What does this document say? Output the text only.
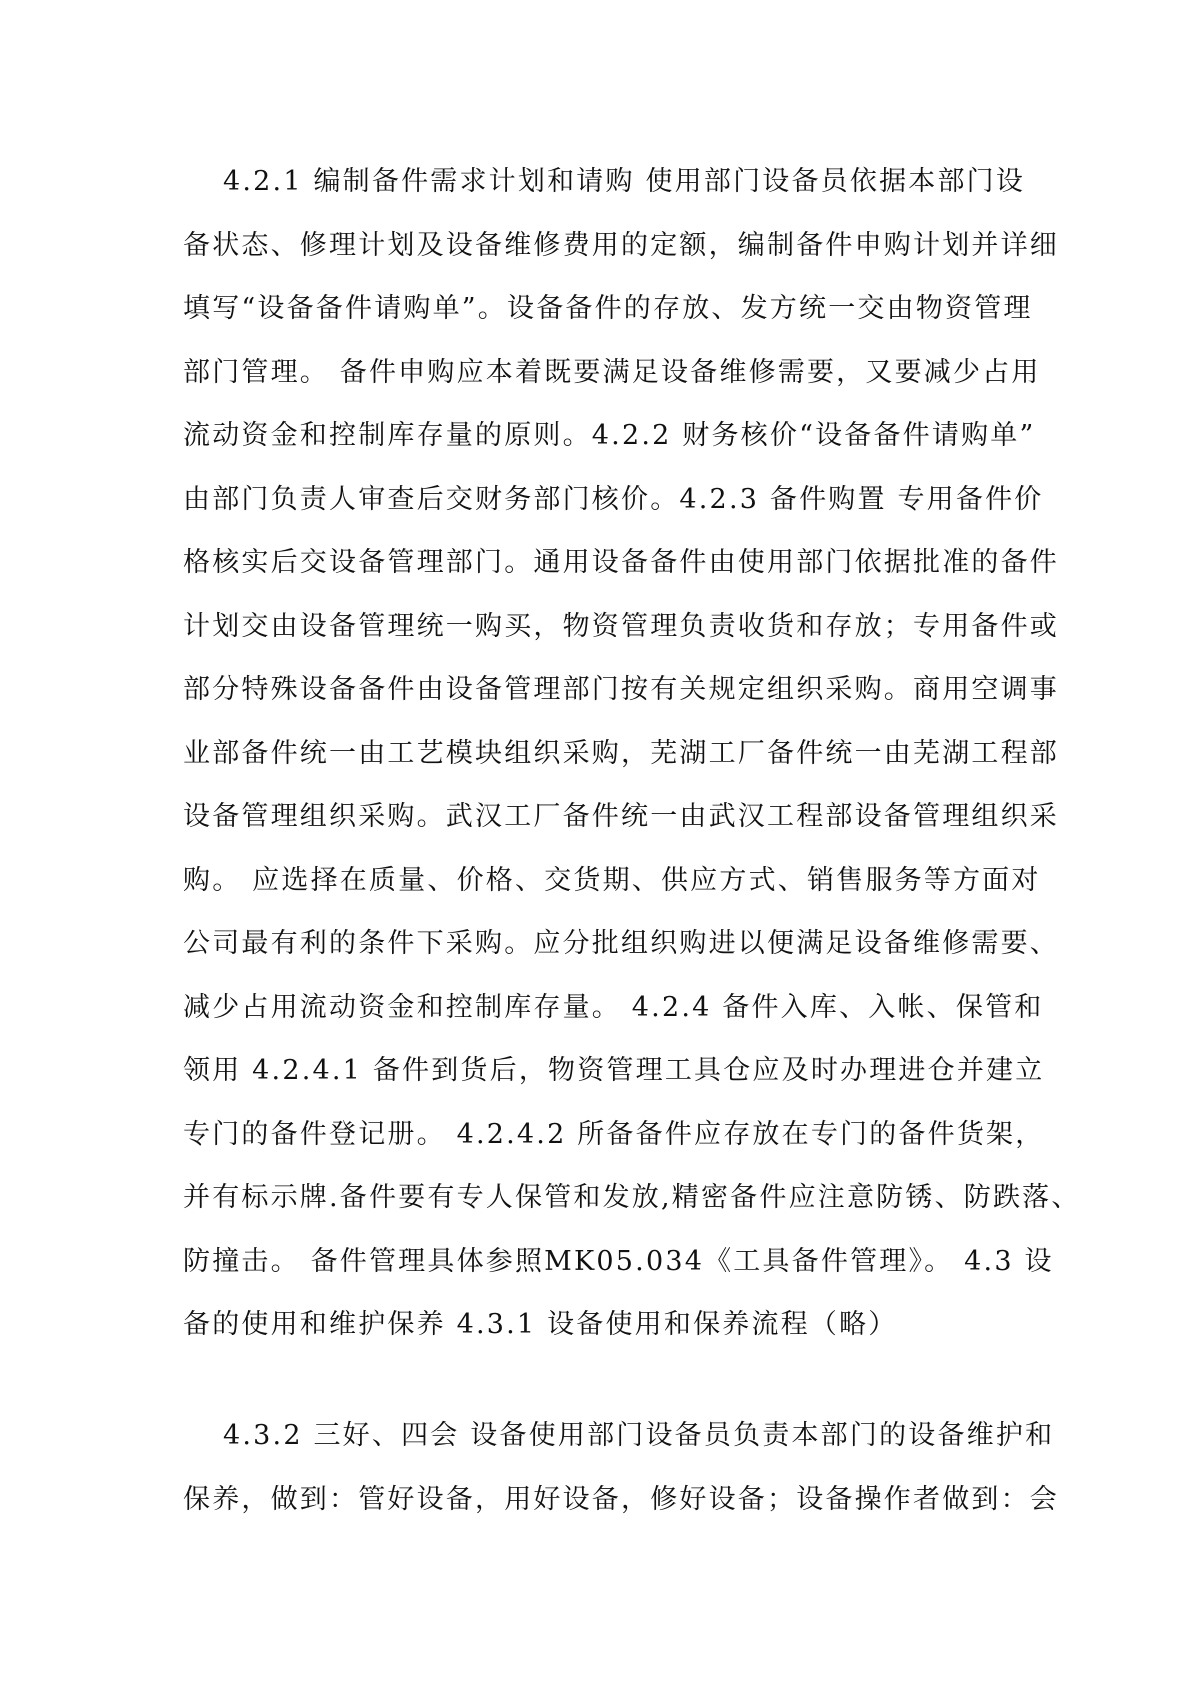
4.2.1 编制备件需求计划和请购 使用部门设备员依据本部门设
备状态、修理计划及设备维修费用的定额，编制备件申购计划并详细
填写“设备备件请购单”。设备备件的存放、发方统一交由物资管理
部门管理。 备件申购应本着既要满足设备维修需要，又要减少占用
流动资金和控制库存量的原则。4.2.2 财务核价“设备备件请购单”
由部门负责人审查后交财务部门核价。4.2.3 备件购置 专用备件价
格核实后交设备管理部门。通用设备备件由使用部门依据批准的备件
计划交由设备管理统一购买，物资管理负责收货和存放；专用备件或
部分特殊设备备件由设备管理部门按有关规定组织采购。商用空调事
业部备件统一由工艺模块组织采购，芜湖工厂备件统一由芜湖工程部
设备管理组织采购。武汉工厂备件统一由武汉工程部设备管理组织采
购。 应选择在质量、价格、交货期、供应方式、销售服务等方面对
公司最有利的条件下采购。应分批组织购进以便满足设备维修需要、
减少占用流动资金和控制库存量。 4.2.4 备件入库、入帐、保管和
领用 4.2.4.1 备件到货后，物资管理工具仓应及时办理进仓并建立
专门的备件登记册。 4.2.4.2 所备备件应存放在专门的备件货架，
并有标示牌.备件要有专人保管和发放,精密备件应注意防锈、防跌落、
防撞击。 备件管理具体参照MK05.034《工具备件管理》。 4.3 设
备的使用和维护保养 4.3.1 设备使用和保养流程（略）
4.3.2 三好、四会 设备使用部门设备员负责本部门的设备维护和
保养，做到：管好设备，用好设备，修好设备；设备操作者做到：会
